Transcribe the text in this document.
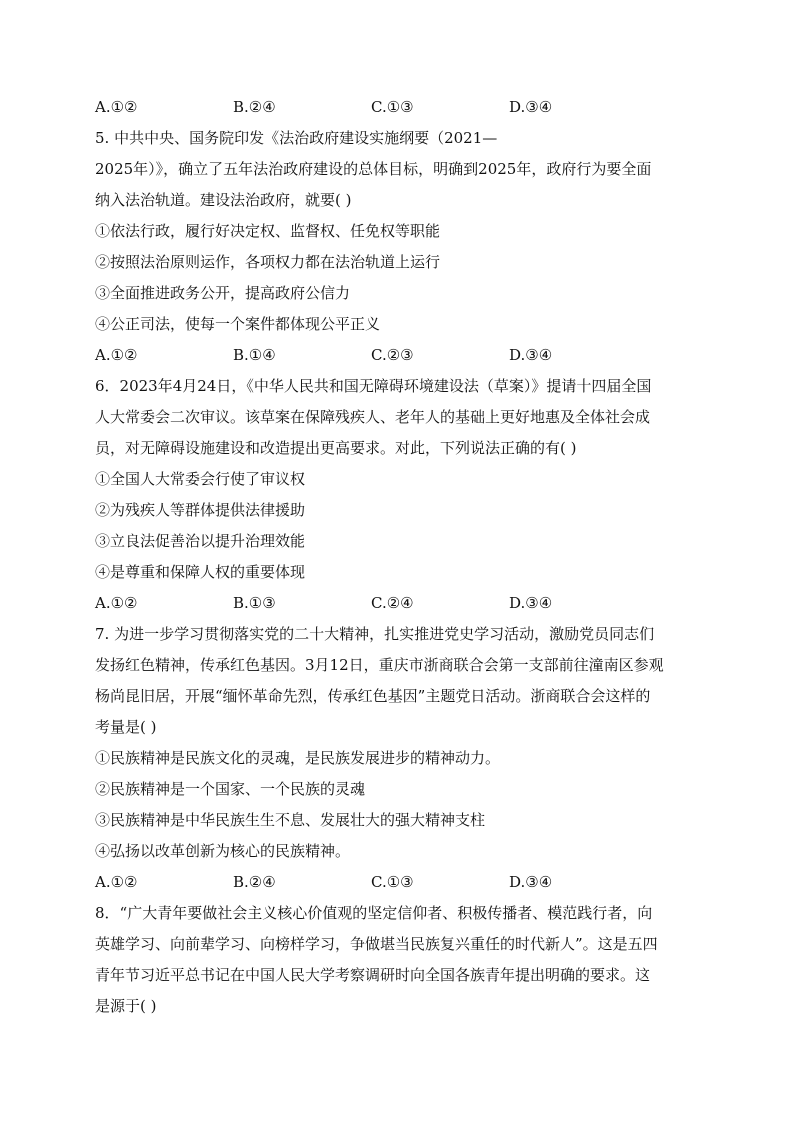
A.①②	B.②④	C.①③	D.③④
5. 中共中央、国务院印发《法治政府建设实施纲要（2021—
2025年）》，确立了五年法治政府建设的总体目标，明确到2025年，政府行为要全面
纳入法治轨道。建设法治政府，就要( )
①依法行政，履行好决定权、监督权、任免权等职能
②按照法治原则运作，各项权力都在法治轨道上运行
③全面推进政务公开，提高政府公信力
④公正司法，使每一个案件都体现公平正义
A.①②	B.①④	C.②③	D.③④
6．2023年4月24日，《中华人民共和国无障碍环境建设法（草案）》提请十四届全国
人大常委会二次审议。该草案在保障残疾人、老年人的基础上更好地惠及全体社会成
员，对无障碍设施建设和改造提出更高要求。对此，下列说法正确的有( )
①全国人大常委会行使了审议权
②为残疾人等群体提供法律援助
③立良法促善治以提升治理效能
④是尊重和保障人权的重要体现
A.①②	B.①③	C.②④	D.③④
7. 为进一步学习贯彻落实党的二十大精神，扎实推进党史学习活动，激励党员同志们
发扬红色精神，传承红色基因。3月12日，重庆市浙商联合会第一支部前往潼南区参观
杨尚昆旧居，开展“缅怀革命先烈，传承红色基因”主题党日活动。浙商联合会这样的
考量是( )
①民族精神是民族文化的灵魂，是民族发展进步的精神动力。
②民族精神是一个国家、一个民族的灵魂
③民族精神是中华民族生生不息、发展壮大的强大精神支柱
④弘扬以改革创新为核心的民族精神。
A.①②	B.②④	C.①③	D.③④
8．“广大青年要做社会主义核心价值观的坚定信仰者、积极传播者、模范践行者，向
英雄学习、向前辈学习、向榜样学习，争做堪当民族复兴重任的时代新人”。这是五四
青年节习近平总书记在中国人民大学考察调研时向全国各族青年提出明确的要求。这
是源于( )
